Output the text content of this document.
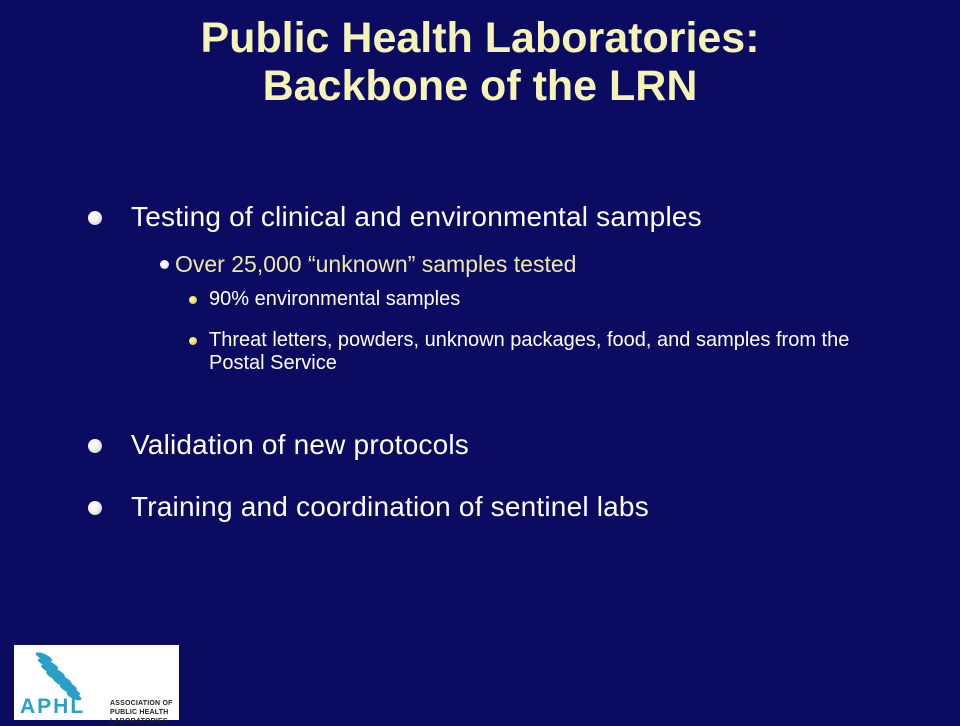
Public Health Laboratories:
Backbone of the LRN
Testing of clinical and environmental samples
Over 25,000 “unknown” samples tested
90% environmental samples
Threat letters, powders, unknown packages, food, and samples from the Postal Service
Validation of new protocols
Training and coordination of sentinel labs
APHL	ASSOCIATION OF
PUBLIC HEALTH LABORATORIES
